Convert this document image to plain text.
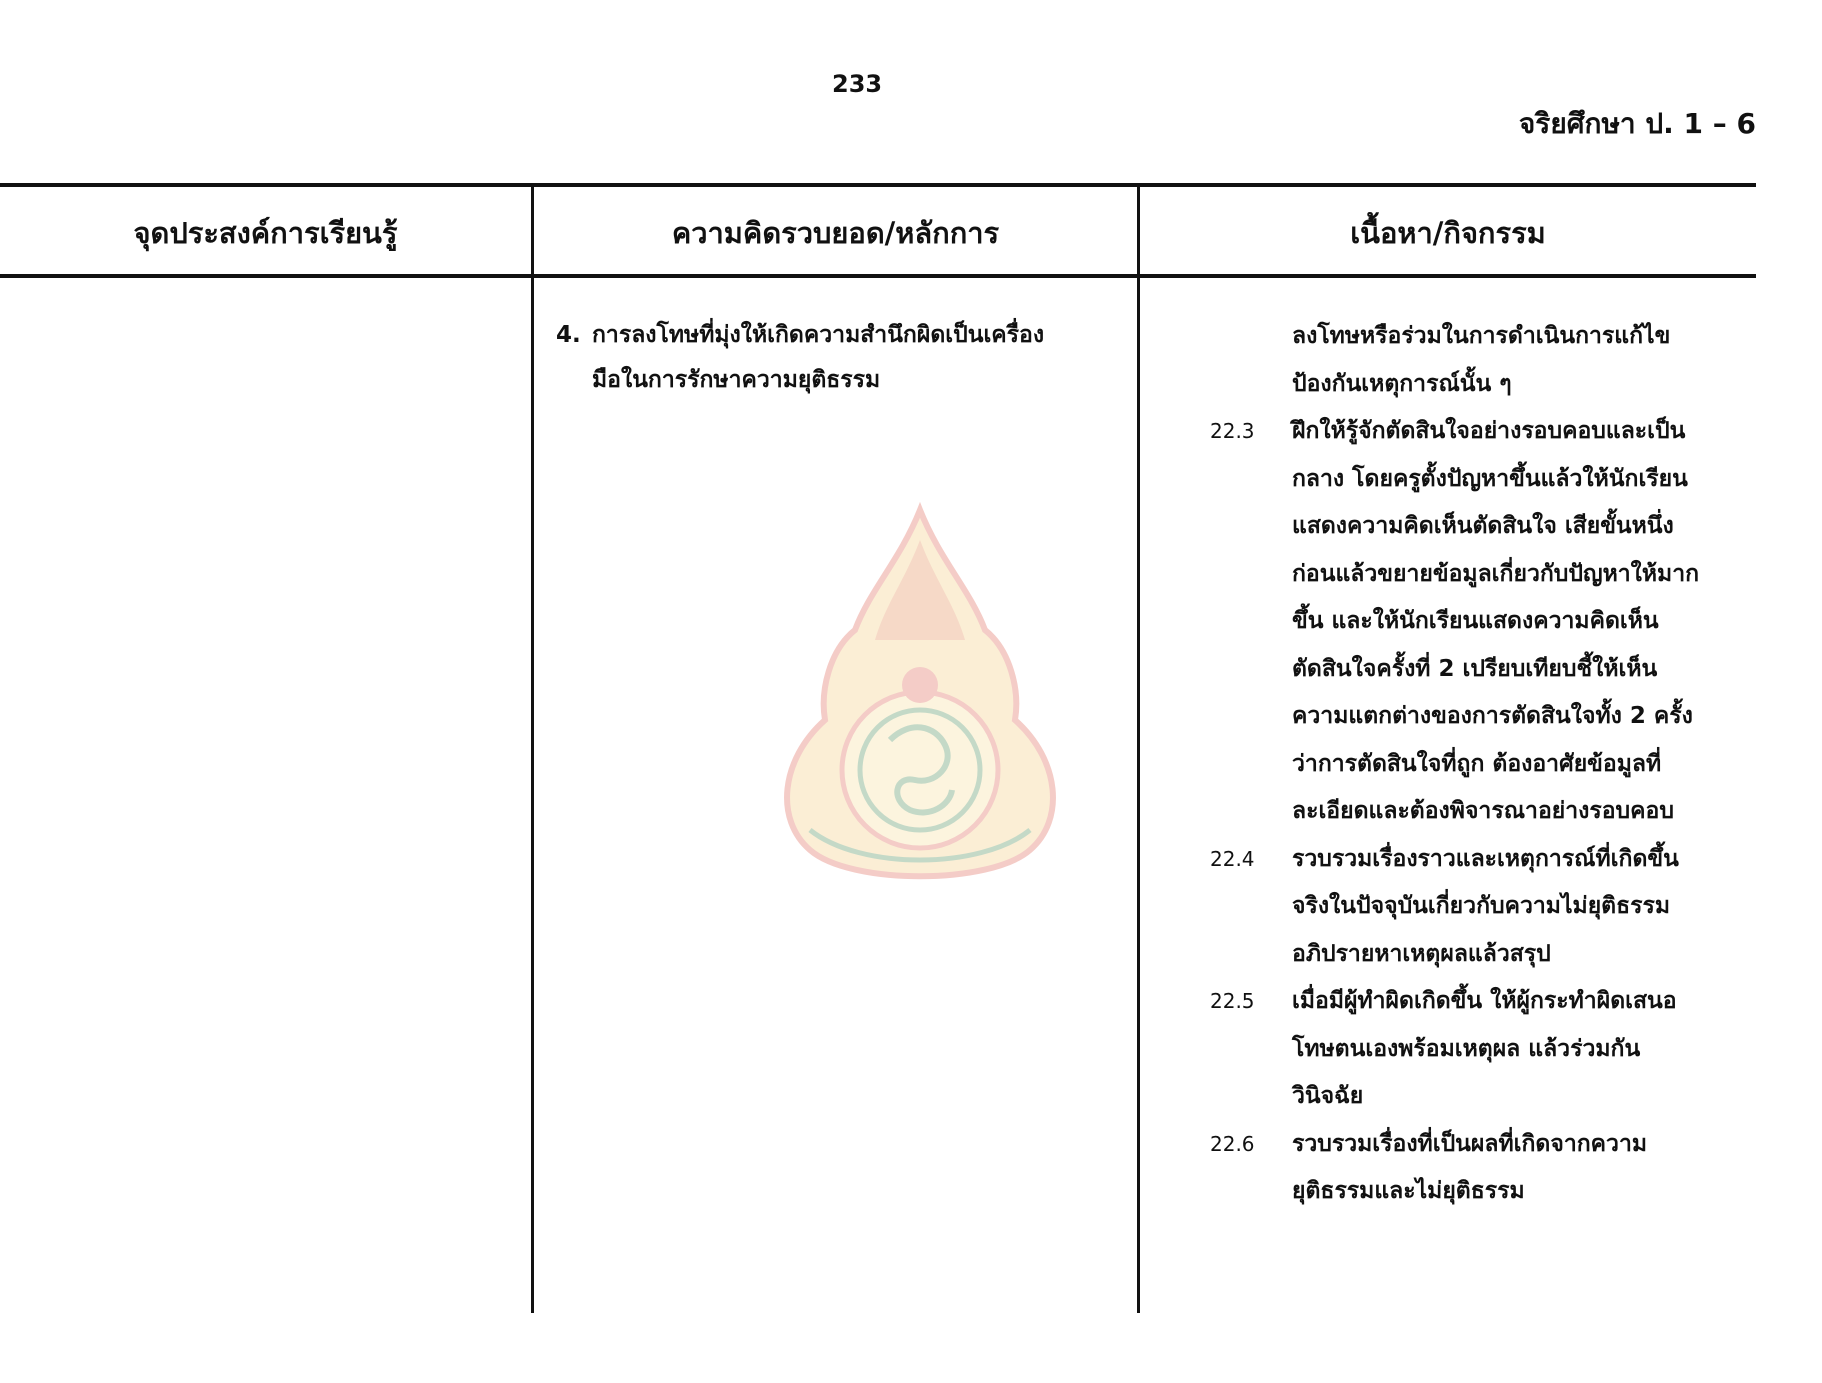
233
จริยศึกษา ป. 1 – 6
จุดประสงค์การเรียนรู้	ความคิดรวบยอด/หลักการ	เนื้อหา/กิจกรรม
4. การลงโทษที่มุ่งให้เกิดความสำนึกผิดเป็นเครื่อง
มือในการรักษาความยุติธรรม
ลงโทษหรือร่วมในการดำเนินการแก้ไข
ป้องกันเหตุการณ์นั้น ๆ
22.3 ฝึกให้รู้จักตัดสินใจอย่างรอบคอบและเป็น
กลาง โดยครูตั้งปัญหาขึ้นแล้วให้นักเรียน
แสดงความคิดเห็นตัดสินใจ เสียขั้นหนึ่ง
ก่อนแล้วขยายข้อมูลเกี่ยวกับปัญหาให้มาก
ขึ้น และให้นักเรียนแสดงความคิดเห็น
ตัดสินใจครั้งที่ 2 เปรียบเทียบชี้ให้เห็น
ความแตกต่างของการตัดสินใจทั้ง 2 ครั้ง
ว่าการตัดสินใจที่ถูก ต้องอาศัยข้อมูลที่
ละเอียดและต้องพิจารณาอย่างรอบคอบ
22.4 รวบรวมเรื่องราวและเหตุการณ์ที่เกิดขึ้น
จริงในปัจจุบันเกี่ยวกับความไม่ยุติธรรม
อภิปรายหาเหตุผลแล้วสรุป
22.5 เมื่อมีผู้ทำผิดเกิดขึ้น ให้ผู้กระทำผิดเสนอ
โทษตนเองพร้อมเหตุผล แล้วร่วมกัน
วินิจฉัย
22.6 รวบรวมเรื่องที่เป็นผลที่เกิดจากความ
ยุติธรรมและไม่ยุติธรรม
